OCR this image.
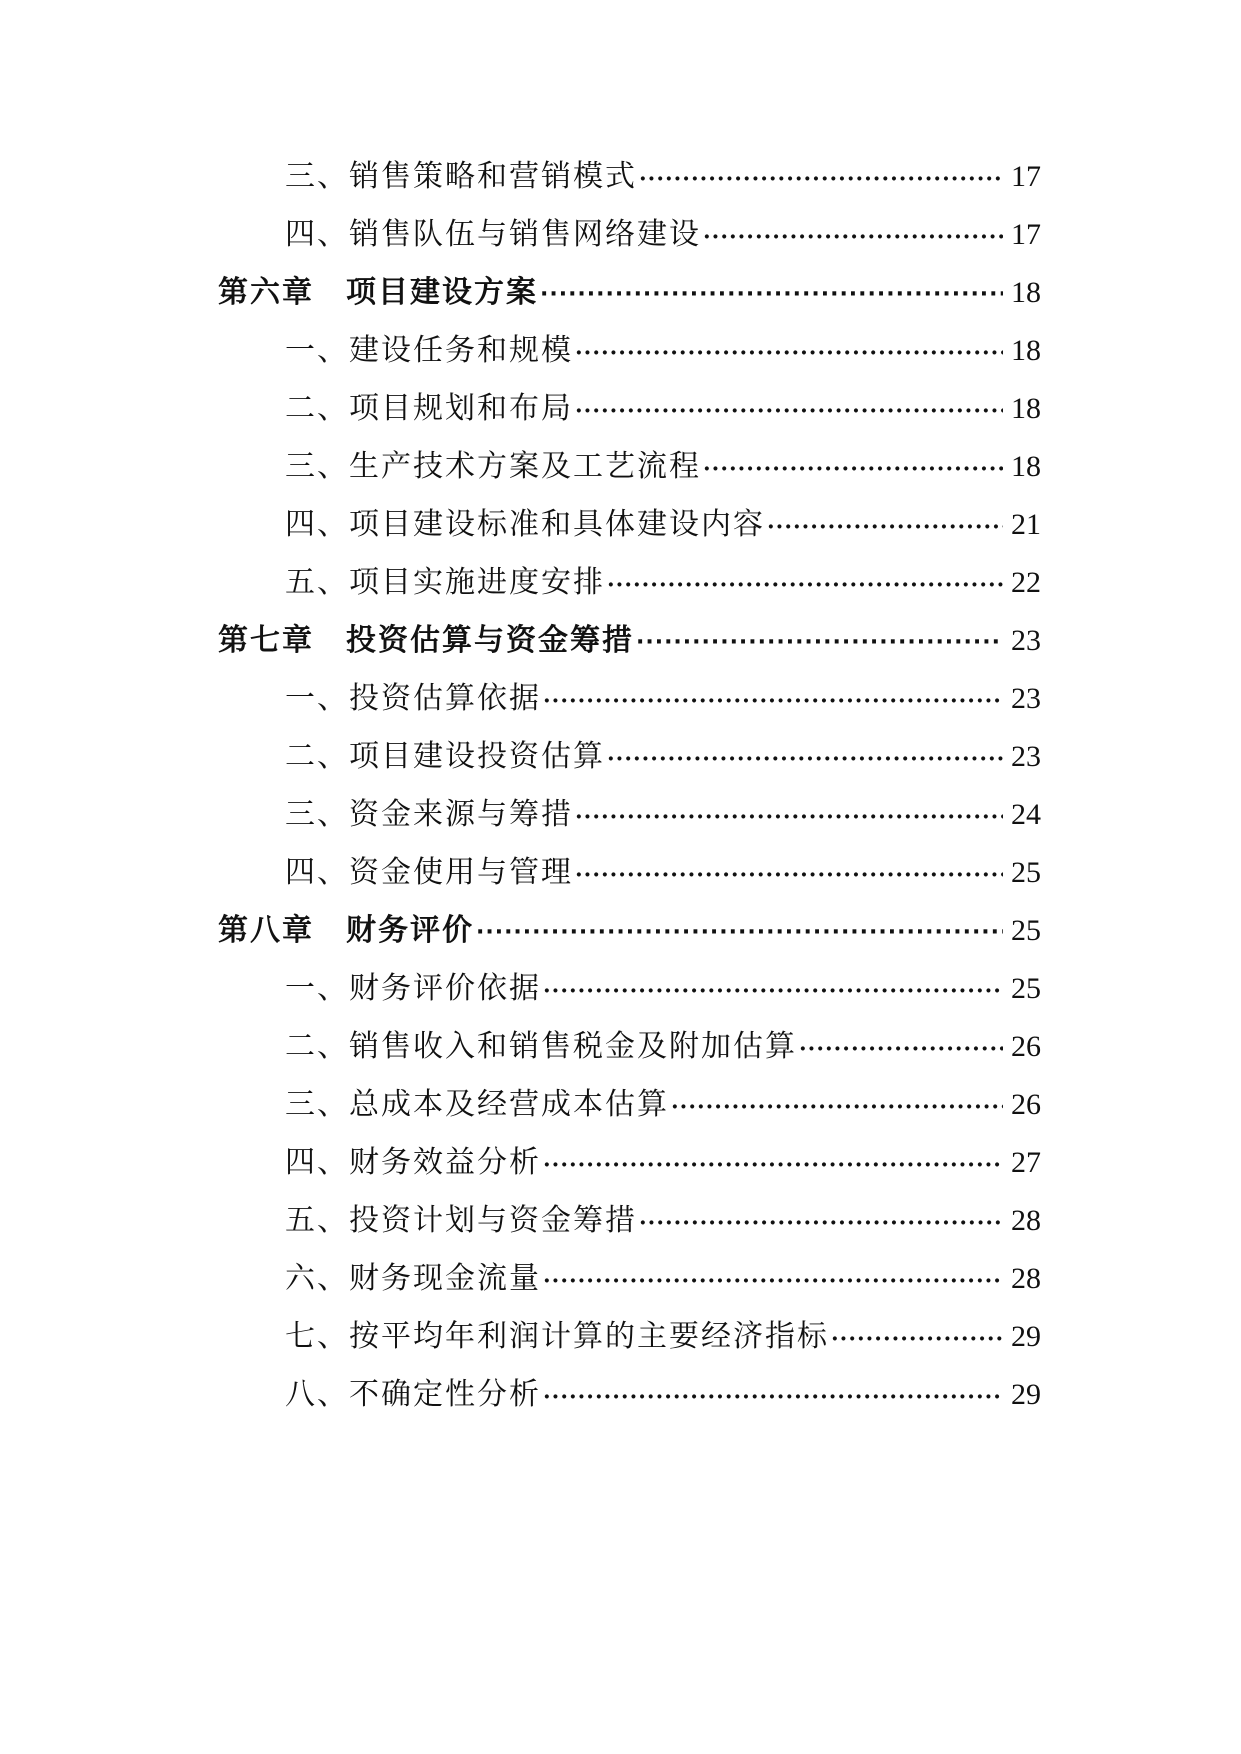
三、销售策略和营销模式 ·····	17
四、销售队伍与销售网络建设 ·····	17
第六章　项目建设方案 ·····	18
一、建设任务和规模 ·····	18
二、项目规划和布局 ·····	18
三、生产技术方案及工艺流程 ·····	18
四、项目建设标准和具体建设内容 ·····	21
五、项目实施进度安排 ·····	22
第七章　投资估算与资金筹措 ·····	23
一、投资估算依据 ·····	23
二、项目建设投资估算 ·····	23
三、资金来源与筹措 ·····	24
四、资金使用与管理 ·····	25
第八章　财务评价 ·····	25
一、财务评价依据 ·····	25
二、销售收入和销售税金及附加估算 ·····	26
三、总成本及经营成本估算 ·····	26
四、财务效益分析 ·····	27
五、投资计划与资金筹措 ·····	28
六、财务现金流量 ·····	28
七、按平均年利润计算的主要经济指标 ·····	29
八、不确定性分析 ·····	29
